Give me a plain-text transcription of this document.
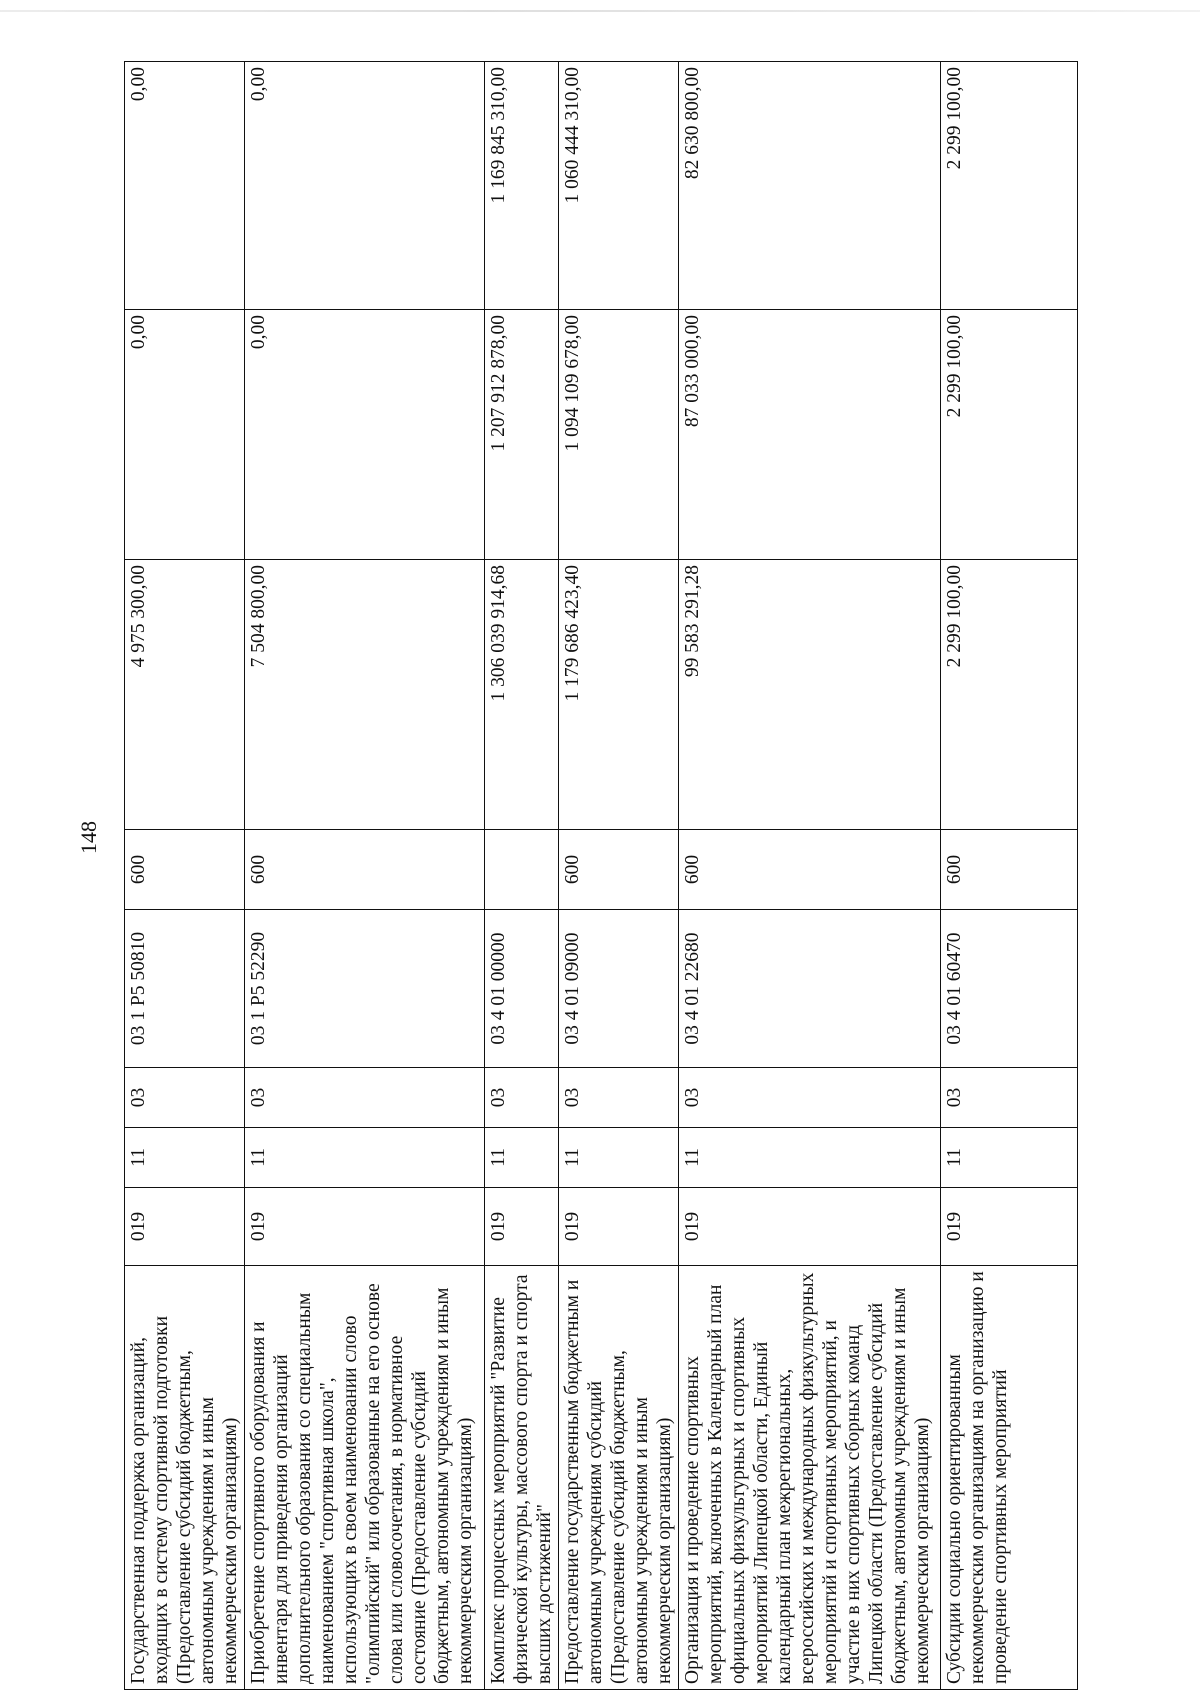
148
Государственная поддержка организаций, входящих в систему спортивной подготовки (Предоставление субсидий бюджетным, автономным учреждениям и иным некоммерческим организациям)	019	11	03	03 1 Р5 50810	600	4 975 300,00	0,00	0,00
Приобретение спортивного оборудования и инвентаря для приведения организаций дополнительного образования со специальным наименованием "спортивная школа", использующих в своем наименовании слово "олимпийский" или образованные на его основе слова или словосочетания, в нормативное состояние (Предоставление субсидий бюджетным, автономным учреждениям и иным некоммерческим организациям)	019	11	03	03 1 Р5 52290	600	7 504 800,00	0,00	0,00
Комплекс процессных мероприятий "Развитие физической культуры, массового спорта и спорта высших достижений"	019	11	03	03 4 01 00000		1 306 039 914,68	1 207 912 878,00	1 169 845 310,00
Предоставление государственным бюджетным и автономным учреждениям субсидий (Предоставление субсидий бюджетным, автономным учреждениям и иным некоммерческим организациям)	019	11	03	03 4 01 09000	600	1 179 686 423,40	1 094 109 678,00	1 060 444 310,00
Организация и проведение спортивных мероприятий, включенных в Календарный план официальных физкультурных и спортивных мероприятий Липецкой области, Единый календарный план межрегиональных, всероссийских и международных физкультурных мероприятий и спортивных мероприятий, и участие в них спортивных сборных команд Липецкой области (Предоставление субсидий бюджетным, автономным учреждениям и иным некоммерческим организациям)	019	11	03	03 4 01 22680	600	99 583 291,28	87 033 000,00	82 630 800,00
Субсидии социально ориентированным некоммерческим организациям на организацию и проведение спортивных мероприятий	019	11	03	03 4 01 60470	600	2 299 100,00	2 299 100,00	2 299 100,00
